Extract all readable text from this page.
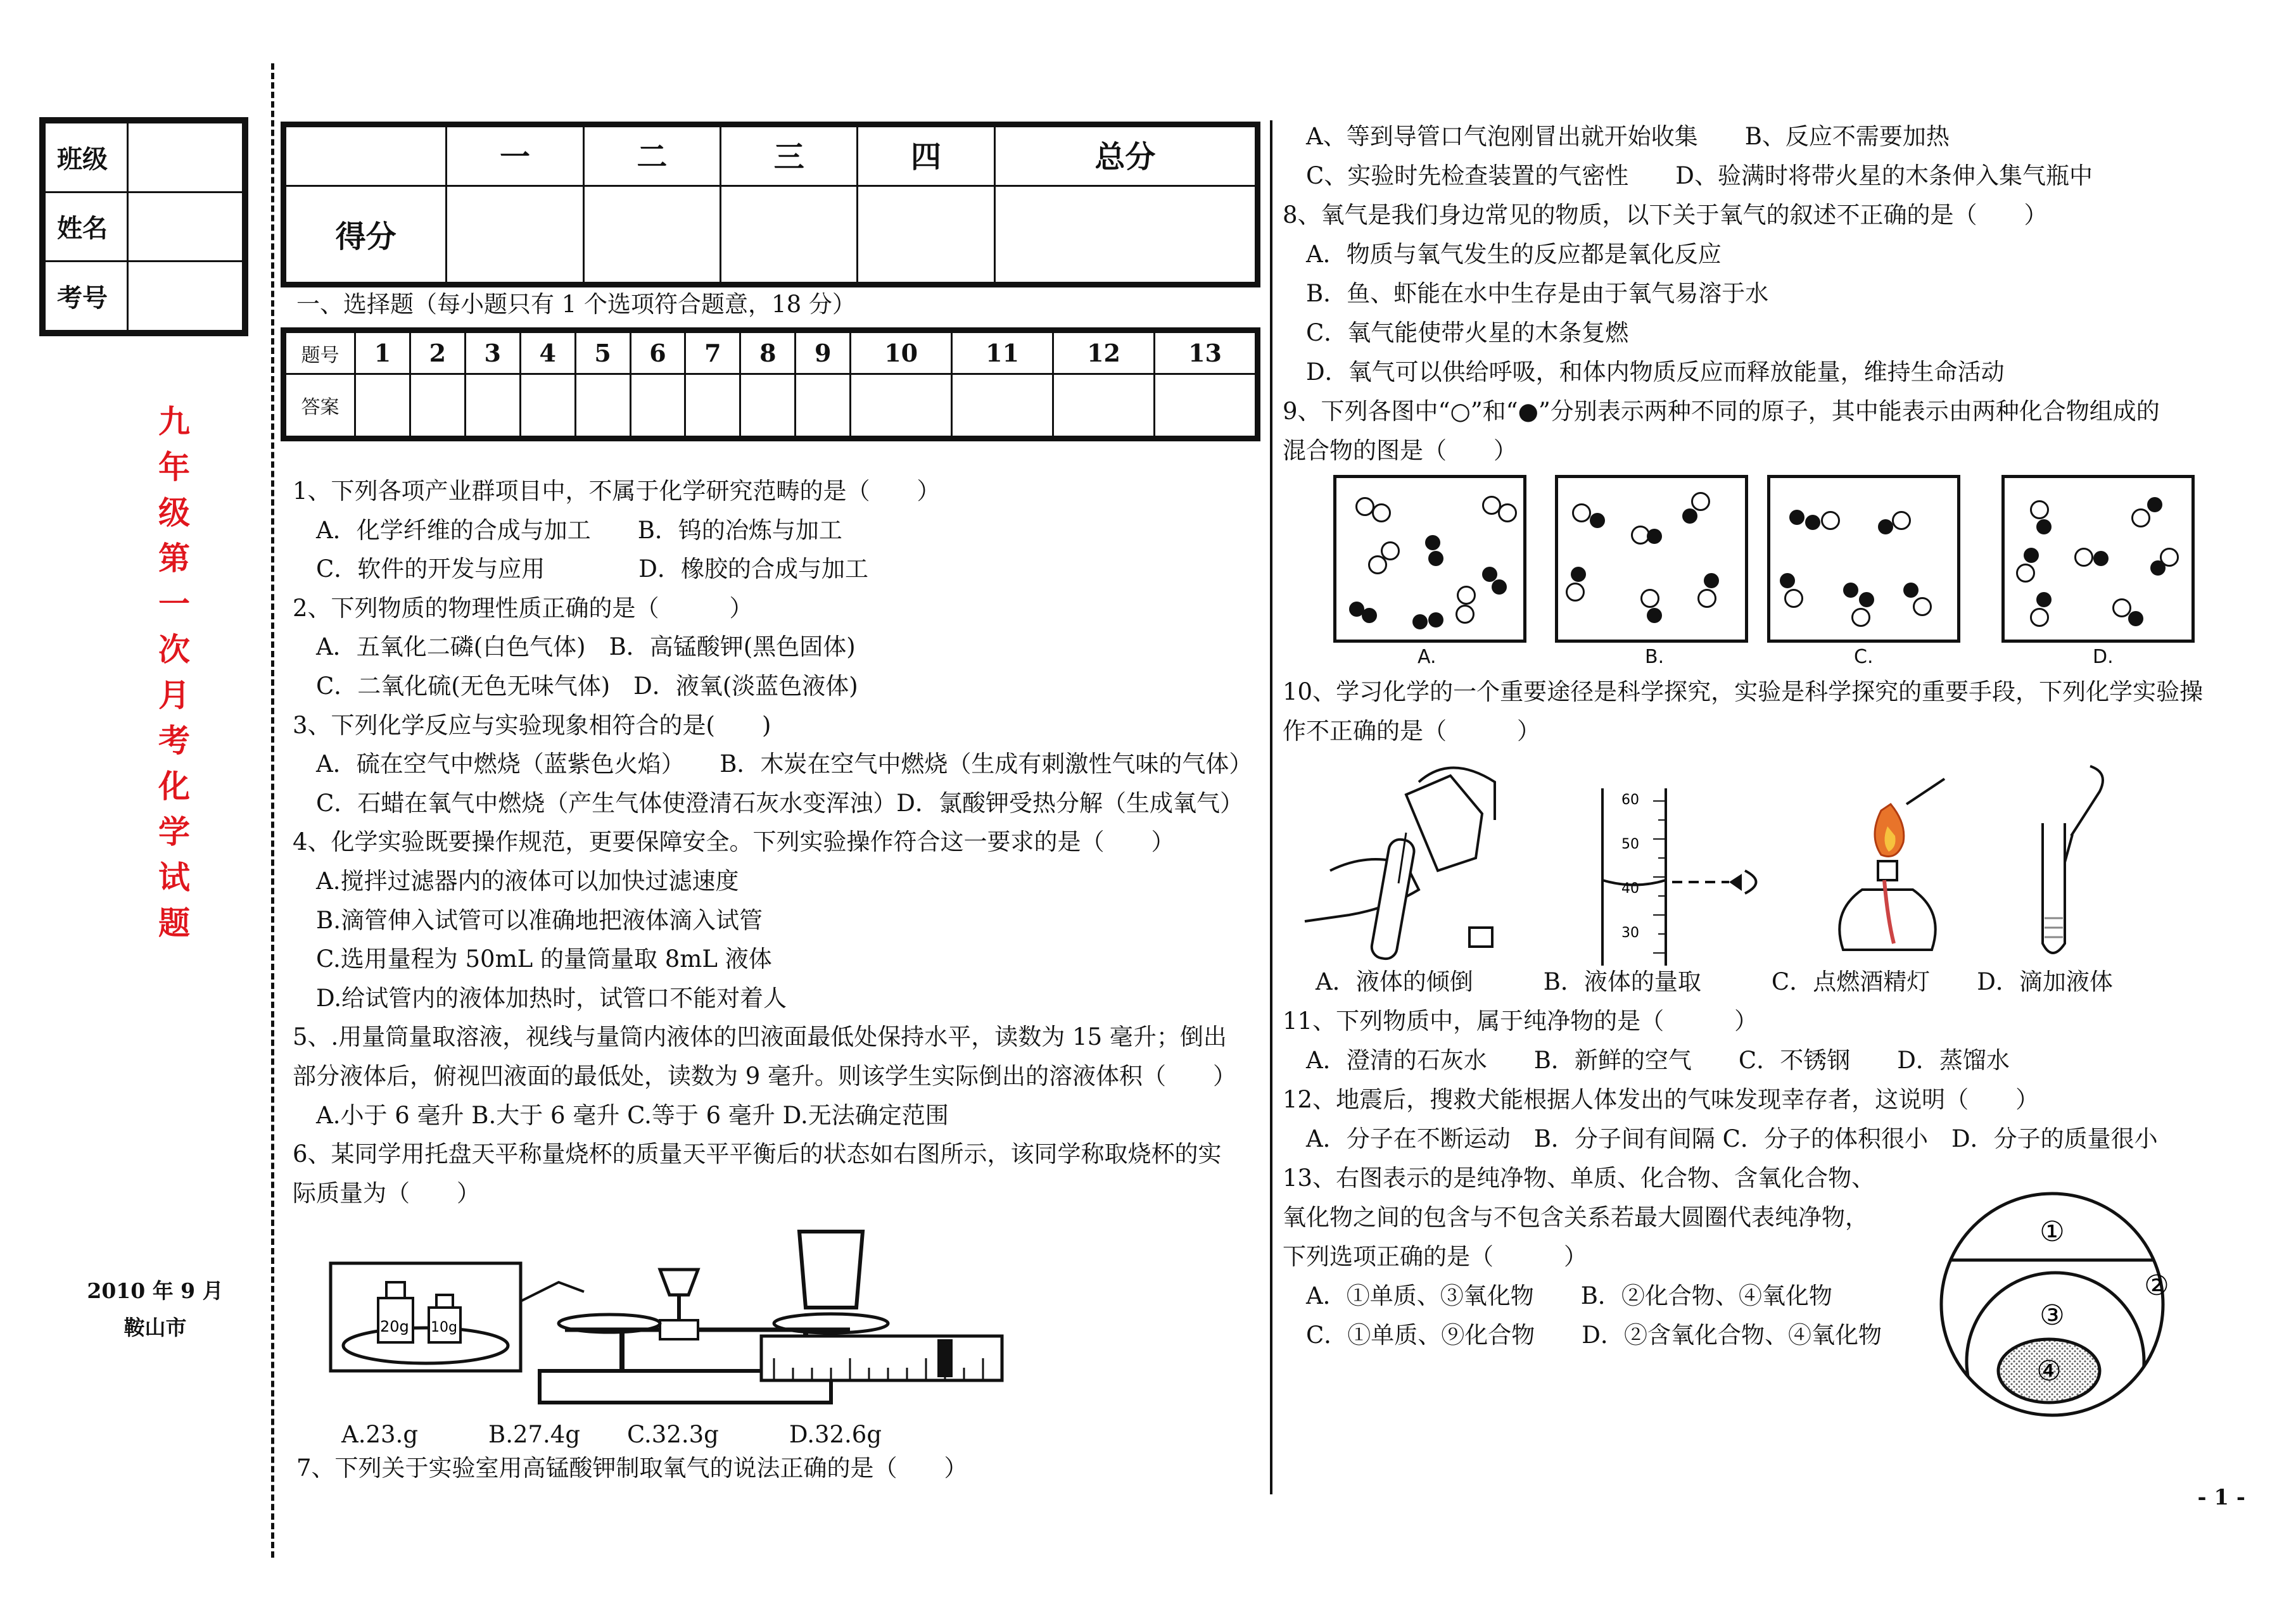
班级	
姓名	
考号	
九年级第一次月考化学试题
2010 年 9 月
鞍山市
	一	二	三	四	总分
得分					
一、选择题（每小题只有 1 个选项符合题意，18 分）
题号	1	2	3	4	5	6	7	8	9	10	11	12	13
答案													
1、下列各项产业群项目中，不属于化学研究范畴的是（　　）
　A．化学纤维的合成与加工　　B．钨的冶炼与加工
　C．软件的开发与应用　　　　D．橡胶的合成与加工
2、下列物质的物理性质正确的是（　　　）
　A．五氧化二磷(白色气体)　B．高锰酸钾(黑色固体)
　C．二氧化硫(无色无味气体)　D．液氧(淡蓝色液体)
3、下列化学反应与实验现象相符合的是(　　)
　A．硫在空气中燃烧（蓝紫色火焰）　　B．木炭在空气中燃烧（生成有刺激性气味的气体）
　C．石蜡在氧气中燃烧（产生气体使澄清石灰水变浑浊）D．氯酸钾受热分解（生成氧气）
4、化学实验既要操作规范，更要保障安全。下列实验操作符合这一要求的是（　　）
　A.搅拌过滤器内的液体可以加快过滤速度
　B.滴管伸入试管可以准确地把液体滴入试管
　C.选用量程为 50mL 的量筒量取 8mL 液体
　D.给试管内的液体加热时，试管口不能对着人
5、.用量筒量取溶液，视线与量筒内液体的凹液面最低处保持水平，读数为 15 毫升；倒出
部分液体后，俯视凹液面的最低处，读数为 9 毫升。则该学生实际倒出的溶液体积（　　）
　A.小于 6 毫升 B.大于 6 毫升 C.等于 6 毫升 D.无法确定范围
6、某同学用托盘天平称量烧杯的质量天平平衡后的状态如右图所示，该同学称取烧杯的实
际质量为（　　）
20g 10g
　A.23.g　　　B.27.4g　　C.32.3g　　　D.32.6g
7、下列关于实验室用高锰酸钾制取氧气的说法正确的是（　　）
　A、等到导管口气泡刚冒出就开始收集　　B、反应不需要加热
　C、实验时先检查装置的气密性　　D、验满时将带火星的木条伸入集气瓶中
8、氧气是我们身边常见的物质，以下关于氧气的叙述不正确的是（　　）
　A．物质与氧气发生的反应都是氧化反应
　B．鱼、虾能在水中生存是由于氧气易溶于水
　C．氧气能使带火星的木条复燃
　D．氧气可以供给呼吸，和体内物质反应而释放能量，维持生命活动
9、下列各图中“○”和“●”分别表示两种不同的原子，其中能表示由两种化合物组成的
混合物的图是（　　）
A.	B.	C.	D.
10、学习化学的一个重要途径是科学探究，实验是科学探究的重要手段，下列化学实验操
作不正确的是（　　　）
60
50
40
30
　A．液体的倾倒　　　B．液体的量取　　　C．点燃酒精灯　　D．滴加液体
11、下列物质中，属于纯净物的是（　　　）
　A．澄清的石灰水　　B．新鲜的空气　　C．不锈钢　　D．蒸馏水
12、地震后，搜救犬能根据人体发出的气味发现幸存者，这说明（　　）
　A．分子在不断运动　B．分子间有间隔 C．分子的体积很小　D．分子的质量很小
13、右图表示的是纯净物、单质、化合物、含氧化合物、
氧化物之间的包含与不包含关系若最大圆圈代表纯净物，
下列选项正确的是（　　　）
　A．①单质、③氧化物　　B．②化合物、④氧化物
　C．①单质、⑨化合物　　D．②含氧化合物、④氧化物
①
②
③
④
- 1 -
